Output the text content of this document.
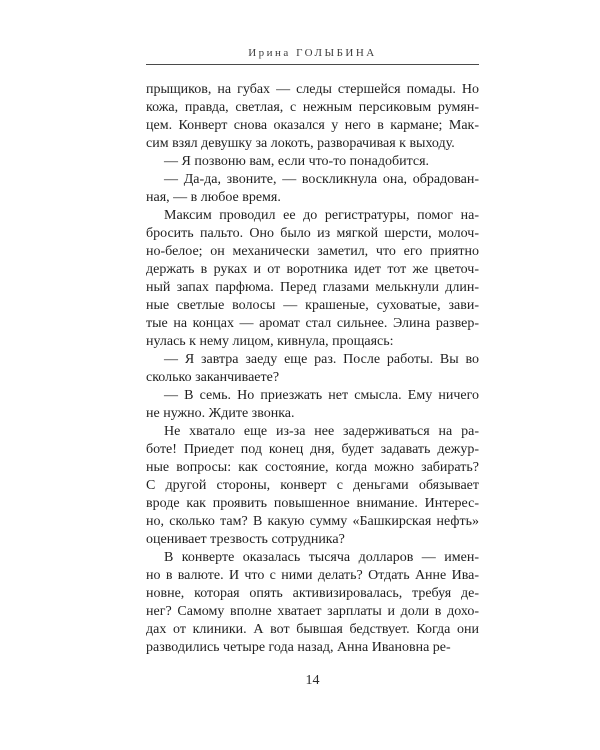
Ирина ГОЛЫБИНА
прыщиков, на губах — следы стершейся помады. Но
кожа, правда, светлая, с нежным персиковым румян-
цем. Конверт снова оказался у него в кармане; Мак-
сим взял девушку за локоть, разворачивая к выходу.
— Я позвоню вам, если что-то понадобится.
— Да-да, звоните, — воскликнула она, обрадован-
ная, — в любое время.
Максим проводил ее до регистратуры, помог на-
бросить пальто. Оно было из мягкой шерсти, молоч-
но-белое; он механически заметил, что его приятно
держать в руках и от воротника идет тот же цветоч-
ный запах парфюма. Перед глазами мелькнули длин-
ные светлые волосы — крашеные, суховатые, зави-
тые на концах — аромат стал сильнее. Элина развер-
нулась к нему лицом, кивнула, прощаясь:
— Я завтра заеду еще раз. После работы. Вы во
сколько заканчиваете?
— В семь. Но приезжать нет смысла. Ему ничего
не нужно. Ждите звонка.
Не хватало еще из-за нее задерживаться на ра-
боте! Приедет под конец дня, будет задавать дежур-
ные вопросы: как состояние, когда можно забирать?
С другой стороны, конверт с деньгами обязывает
вроде как проявить повышенное внимание. Интерес-
но, сколько там? В какую сумму «Башкирская нефть»
оценивает трезвость сотрудника?
В конверте оказалась тысяча долларов — имен-
но в валюте. И что с ними делать? Отдать Анне Ива-
новне, которая опять активизировалась, требуя де-
нег? Самому вполне хватает зарплаты и доли в дохо-
дах от клиники. А вот бывшая бедствует. Когда они
разводились четыре года назад, Анна Ивановна ре-
14
